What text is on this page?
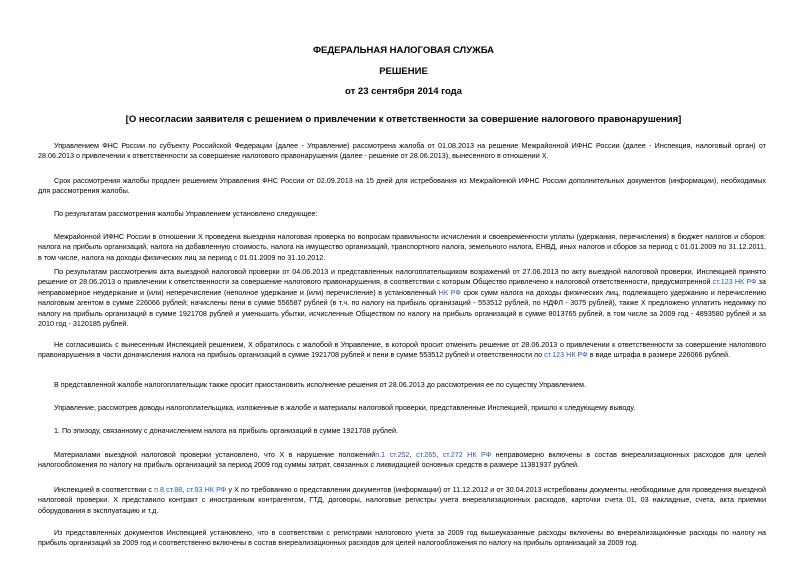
ФЕДЕРАЛЬНАЯ НАЛОГОВАЯ СЛУЖБА
РЕШЕНИЕ
от 23 сентября 2014 года
[О несогласии заявителя с решением о привлечении к ответственности за совершение налогового правонарушения]

Управлением ФНС России по субъекту Российской Федерации (далее - Управление) рассмотрена жалоба от 01.08.2013 на решение Межрайонной ИФНС России (далее - Инспекция, налоговый орган) от 28.06.2013 о привлечении к ответственности за совершение налогового правонарушения (далее - решение от 28.06.2013), вынесенного в отношении Х.

Срок рассмотрения жалобы продлен решением Управления ФНС России от 02.09.2013 на 15 дней для истребования из Межрайонной ИФНС России дополнительных документов (информации), необходимых для рассмотрения жалобы.

По результатам рассмотрения жалобы Управлением установлено следующее:

Межрайонной ИФНС России в отношении Х проведена выездная налоговая проверка по вопросам правильности исчисления и своевременности уплаты (удержания, перечисления) в бюджет налогов и сборов: налога на прибыль организаций, налога на добавленную стоимость, налога на имущество организаций, транспортного налога, земельного налога, ЕНВД, иных налогов и сборов за период с 01.01.2009 по 31.12.2011, в том числе, налога на доходы физических лиц за период с 01.01.2009 по 31.10.2012.

По результатам рассмотрения акта выездной налоговой проверки от 04.06.2013 и представленных налогоплательщиком возражений от 27.06.2013 по акту выездной налоговой проверки, Инспекцией принято решение от 28.06.2013 о привлечении к ответственности за совершение налогового правонарушения, в соответствии с которым Общество привлечено к налоговой ответственности, предусмотренной ст.123 НК РФ за неправомерное неудержание и (или) неперечисление (неполное удержание и (или) перечисление) в установленный НК РФ срок сумм налога на доходы физических лиц, подлежащего удержанию и перечислению налоговым агентом в сумме 226066 рублей; начислены пени в сумме 556587 рублей (в т.ч. по налогу на прибыль организаций - 553512 рублей, по НДФЛ - 3075 рублей), также Х предложено уплатить недоимку по налогу на прибыль организаций в сумме 1921708 рублей и уменьшить убытки, исчисленные Обществом по налогу на прибыль организаций в сумме 8013765 рублей, в том числе за 2009 год - 4893580 рублей и за 2010 год - 3120185 рублей.

Не согласившись с вынесенным Инспекцией решением, Х обратилось с жалобой в Управление, в которой просит отменить решение от 28.06.2013 о привлечении к ответственности за совершение налогового правонарушения в части доначисления налога на прибыль организаций в сумме 1921708 рублей и пени в сумме 553512 рублей и ответственности по ст.123 НК РФ в виде штрафа в размере 226066 рублей.

В представленной жалобе налогоплательщик также просит приостановить исполнение решения от 28.06.2013 до рассмотрения ее по существу Управлением.

Управление, рассмотрев доводы налогоплательщика, изложенные в жалобе и материалы налоговой проверки, представленные Инспекцией, пришло к следующему выводу.

1. По эпизоду, связанному с доначислением налога на прибыль организаций в сумме 1921708 рублей.

Материалами выездной налоговой проверки установлено, что Х в нарушение положенийп.1 ст.252, ст.265, ст.272 НК РФ неправомерно включены в состав внереализационных расходов для целей налогообложения по налогу на прибыль организаций за период 2009 год суммы затрат, связанных с ликвидацией основных средств в размере 11381937 рублей.

Инспекцией в соответствии с п.8 ст.88, ст.93 НК РФ у Х по требованию о представлении документов (информации) от 11.12.2012 и от 30.04.2013 истребованы документы, необходимые для проведения выездной налоговой проверки. Х представило контракт с иностранным контрагентом, ГТД, договоры, налоговые регистры учета внереализационных расходов, карточки счета 01, 03 накладные, счета, акта приемки оборудования в эксплуатацию и т.д.

Из представленных документов Инспекцией установлено, что в соответствии с регистрами налогового учета за 2009 год вышеуказанные расходы включены во внереализационные расходы по налогу на прибыль организаций за 2009 год и соответственно включены в состав внереализационных расходов для целей налогообложения по налогу на прибыль организаций за 2009 год.
